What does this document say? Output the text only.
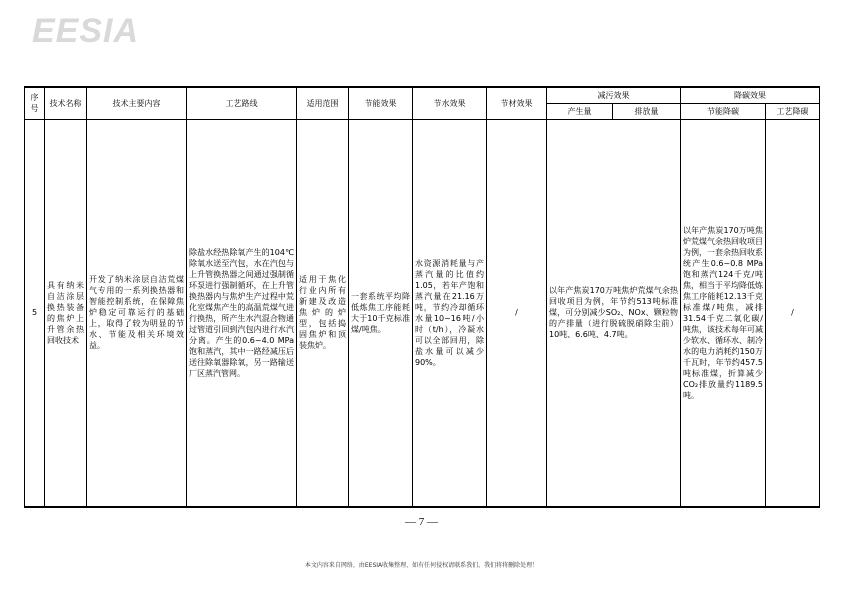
EESIA
序号	技术名称	技术主要内容	工艺路线	适用范围	节能效果	节水效果	节材效果	减污效果		降碳效果	
								产生量	排放量	节能降碳	工艺降碳
5	具有纳米自洁涂层换热装备的焦炉上升管余热回收技术	开发了纳米涂层自洁荒煤气专用的一系列换热器和智能控制系统，在保障焦炉稳定可靠运行的基础上，取得了较为明显的节水、节能及相关环境效益。	除盐水经热除氧产生的104℃除氧水送至汽包，水在汽包与上升管换热器之间通过强制循环泵进行强制循环，在上升管换热器内与焦炉生产过程中荒化室煤焦产生的高温荒煤气进行换热，所产生水汽混合物通过管道引回到汽包内进行水汽分离。产生的0.6~4.0 MPa饱和蒸汽，其中一路经减压后送往除氧器除氧，另一路输送厂区蒸汽管网。	适用于焦化行业内所有新建及改造焦炉的炉型，包括捣固焦炉和顶装焦炉。	一套系统平均降低炼焦工序能耗大于10千克标准煤/吨焦。	水资源消耗量与产蒸汽量的比值约1.05，若年产饱和蒸汽量在21.16万吨，节约冷却循环水量10~16吨/小时（t/h），冷凝水可以全部回用，除盐水量可以减少90%。	/	以年产焦炭170万吨焦炉荒煤气余热回收项目为例，年节约513吨标准煤，可分别减少SO₂、NOx、颗粒物的产排量（进行脱硫脱硝除尘前）10吨、6.6吨、4.7吨。		以年产焦炭170万吨焦炉荒煤气余热回收项目为例，一套余热回收系统产生0.6~0.8 MPa饱和蒸汽124千克/吨焦，相当于平均降低炼焦工序能耗12.13千克标准煤/吨焦，减排31.54千克二氧化碳/吨焦，该技术每年可减少软水、循环水、制冷水的电力消耗约150万千瓦时，年节约457.5吨标准煤，折算减少CO₂排放量约1189.5吨。	/
— 7 —
本文内容来自网络，由EESIA收集整理，如有任何侵权请联系我们，我们将将删除处理！
